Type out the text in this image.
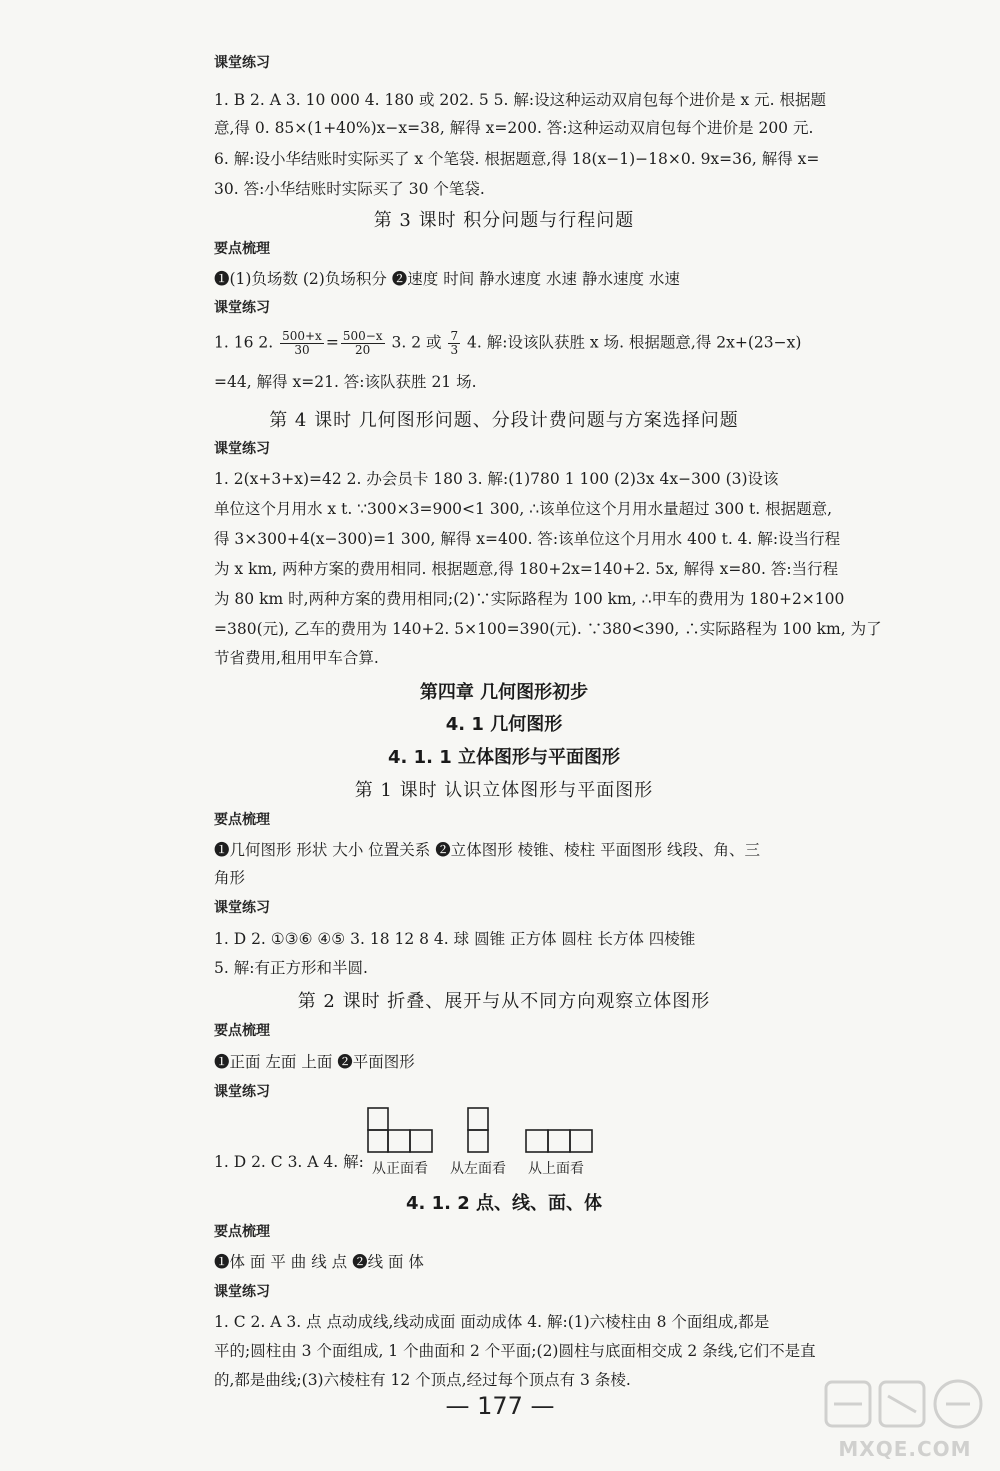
课堂练习
1. B 2. A 3. 10 000 4. 180 或 202. 5 5. 解:设这种运动双肩包每个进价是 x 元. 根据题
意,得 0. 85×(1+40%)x−x=38, 解得 x=200. 答:这种运动双肩包每个进价是 200 元.
6. 解:设小华结账时实际买了 x 个笔袋. 根据题意,得 18(x−1)−18×0. 9x=36, 解得 x=
30. 答:小华结账时实际买了 30 个笔袋.
第 3 课时 积分问题与行程问题
要点梳理
❶(1)负场数 (2)负场积分 ❷速度 时间 静水速度 水速 静水速度 水速
课堂练习
1. 16 2. $\frac{500+x}{30} = \frac{500-x}{20} 3$. 2 或 $\frac{7}{3} 4$. 解:设该队获胜 x 场. 根据题意,得 2x+(23−x)
=44, 解得 x=21. 答:该队获胜 21 场.
第 4 课时 几何图形问题、分段计费问题与方案选择问题
课堂练习
1. 2(x+3+x)=42 2. 办会员卡 180 3. 解:(1)780 1 100 (2)3x 4x−300 (3)设该
单位这个月用水 x t. ∵300×3=900<1 300, ∴该单位这个月用水量超过 300 t. 根据题意,
得 3×300+4(x−300)=1 300, 解得 x=400. 答:该单位这个月用水 400 t. 4. 解:设当行程
为 x km, 两种方案的费用相同. 根据题意,得 180+2x=140+2. 5x, 解得 x=80. 答:当行程
为 80 km 时,两种方案的费用相同;(2)∵实际路程为 100 km, ∴甲车的费用为 180+2×100
=380(元), 乙车的费用为 140+2. 5×100=390(元). ∵380<390, ∴实际路程为 100 km, 为了
节省费用,租用甲车合算.
第四章 几何图形初步
4. 1 几何图形
4. 1. 1 立体图形与平面图形
第 1 课时 认识立体图形与平面图形
要点梳理
❶几何图形 形状 大小 位置关系 ❷立体图形 棱锥、棱柱 平面图形 线段、角、三
角形
课堂练习
1. D 2. ①③⑥ ④⑤ 3. 18 12 8 4. 球 圆锥 正方体 圆柱 长方体 四棱锥
5. 解:有正方形和半圆.
第 2 课时 折叠、展开与从不同方向观察立体图形
要点梳理
❶正面 左面 上面 ❷平面图形
课堂练习
1. D 2. C 3. A 4. 解: 从正面看 从左面看 从上面看
4. 1. 2 点、线、面、体
要点梳理
❶体 面 平 曲 线 点 ❷线 面 体
课堂练习
1. C 2. A 3. 点 点动成线,线动成面 面动成体 4. 解:(1)六棱柱由 8 个面组成,都是
平的;圆柱由 3 个面组成, 1 个曲面和 2 个平面;(2)圆柱与底面相交成 2 条线,它们不是直
的,都是曲线;(3)六棱柱有 12 个顶点,经过每个顶点有 3 条棱.
— 177 —
MXQE.COM
